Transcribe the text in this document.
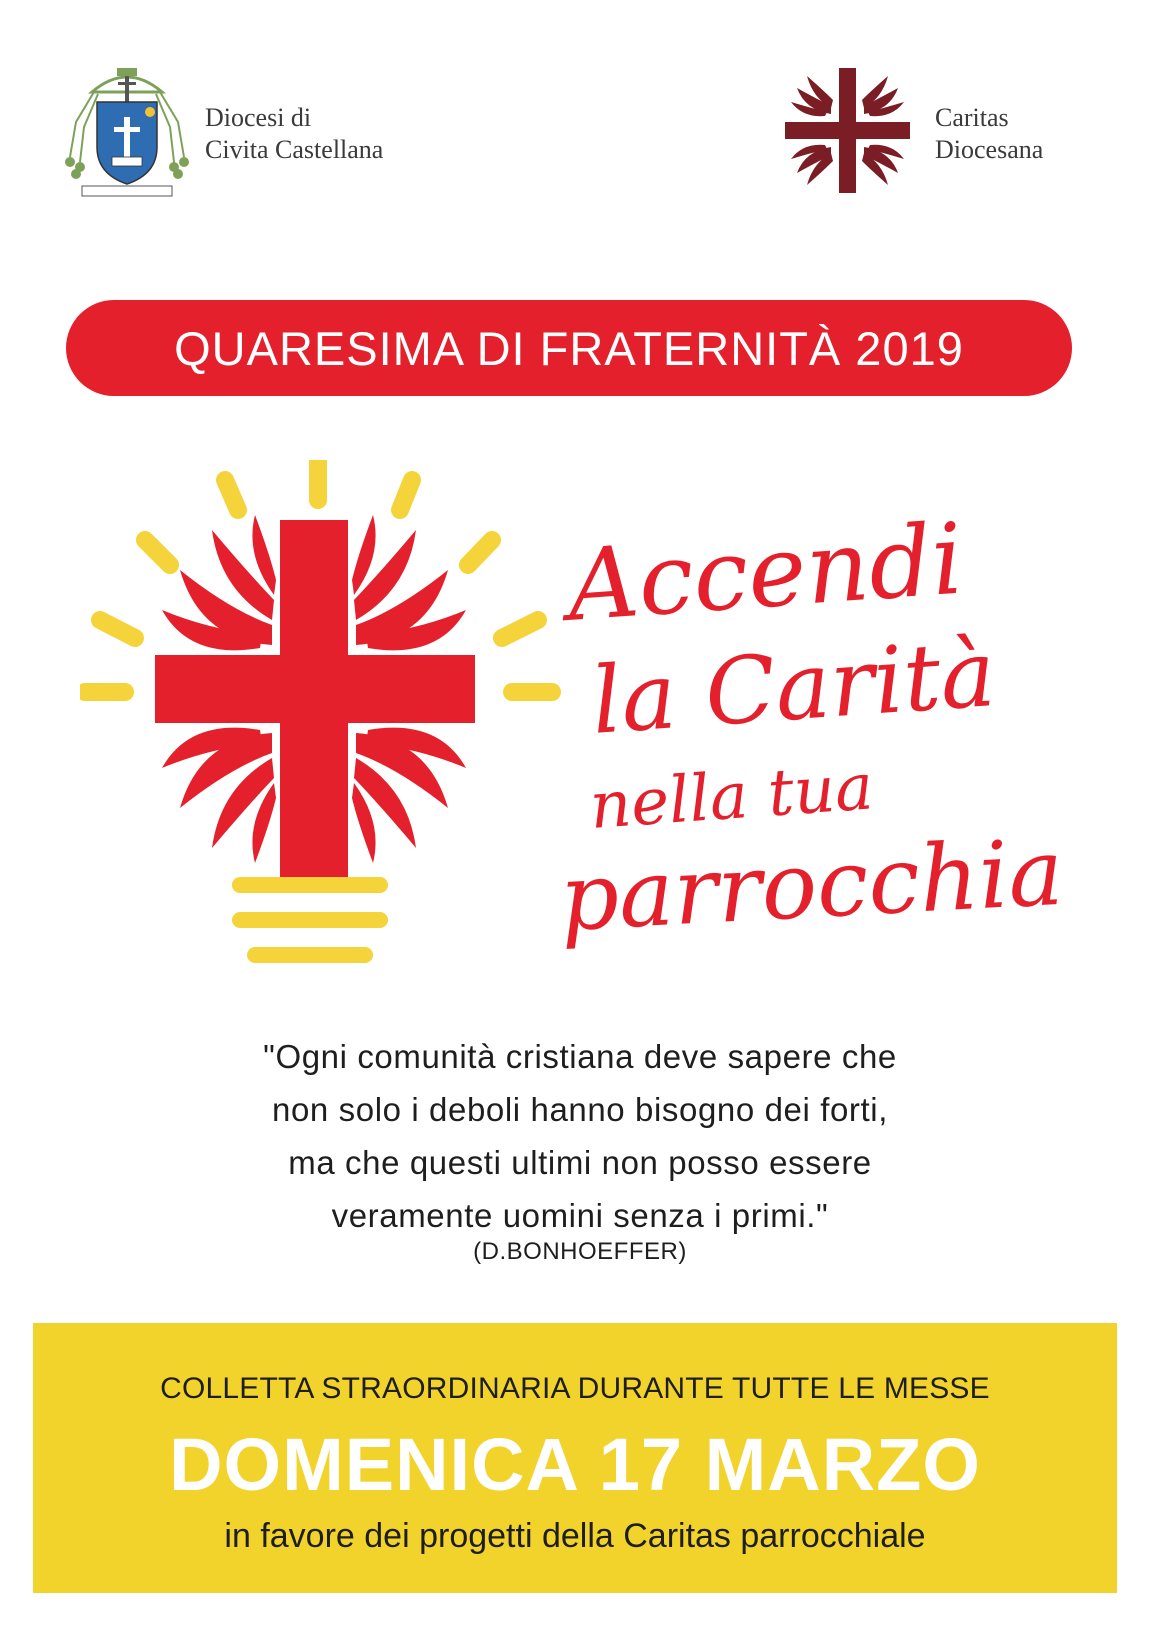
Diocesi di
Civita Castellana
Caritas
Diocesana
QUARESIMA DI FRATERNITÀ 2019
Accendi
la Carità
nella tua
parrocchia
"Ogni comunità cristiana deve sapere che
non solo i deboli hanno bisogno dei forti,
ma che questi ultimi non posso essere
veramente uomini senza i primi."
(D.BONHOEFFER)
COLLETTA STRAORDINARIA DURANTE TUTTE LE MESSE
DOMENICA 17 MARZO
in favore dei progetti della Caritas parrocchiale
